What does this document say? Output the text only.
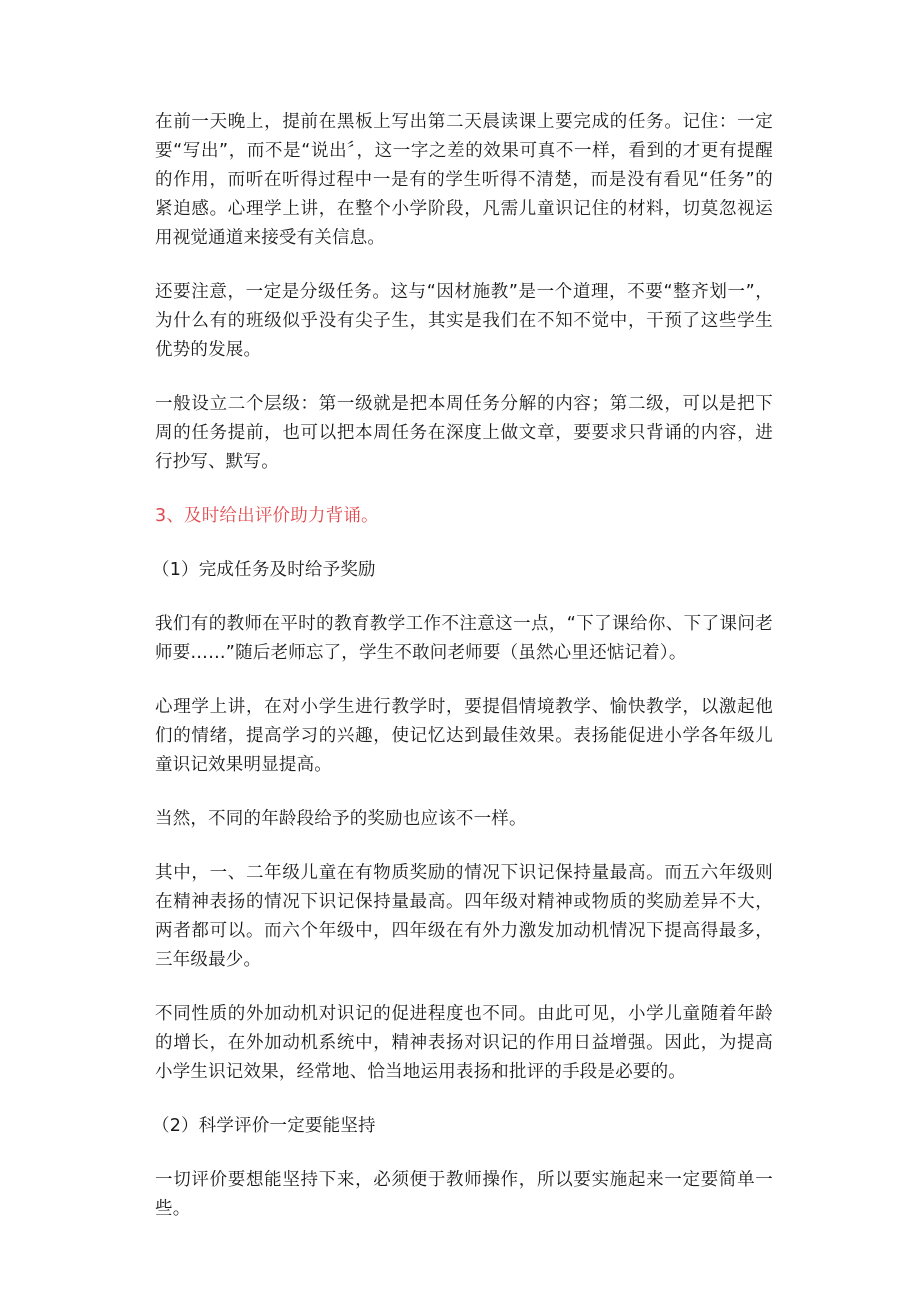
在前一天晚上，提前在黑板上写出第二天晨读课上要完成的任务。记住：一定要“写出”，而不是“说出〞，这一字之差的效果可真不一样，看到的才更有提醒的作用，而听在听得过程中一是有的学生听得不清楚，而是没有看见“任务”的紧迫感。心理学上讲，在整个小学阶段，凡需儿童识记住的材料，切莫忽视运用视觉通道来接受有关信息。

还要注意，一定是分级任务。这与“因材施教”是一个道理，不要“整齐划一”，为什么有的班级似乎没有尖子生，其实是我们在不知不觉中，干预了这些学生优势的发展。

一般设立二个层级：第一级就是把本周任务分解的内容；第二级，可以是把下周的任务提前，也可以把本周任务在深度上做文章，要要求只背诵的内容，进行抄写、默写。

3、及时给出评价助力背诵。

（1）完成任务及时给予奖励

我们有的教师在平时的教育教学工作不注意这一点，“下了课给你、下了课问老师要……”随后老师忘了，学生不敢问老师要（虽然心里还惦记着）。

心理学上讲，在对小学生进行教学时，要提倡情境教学、愉快教学，以激起他们的情绪，提高学习的兴趣，使记忆达到最佳效果。表扬能促进小学各年级儿童识记效果明显提高。

当然，不同的年龄段给予的奖励也应该不一样。

其中，一、二年级儿童在有物质奖励的情况下识记保持量最高。而五六年级则在精神表扬的情况下识记保持量最高。四年级对精神或物质的奖励差异不大，两者都可以。而六个年级中，四年级在有外力激发加动机情况下提高得最多，三年级最少。

不同性质的外加动机对识记的促进程度也不同。由此可见，小学儿童随着年龄的增长，在外加动机系统中，精神表扬对识记的作用日益增强。因此，为提高小学生识记效果，经常地、恰当地运用表扬和批评的手段是必要的。

（2）科学评价一定要能坚持

一切评价要想能坚持下来，必须便于教师操作，所以要实施起来一定要简单一些。
